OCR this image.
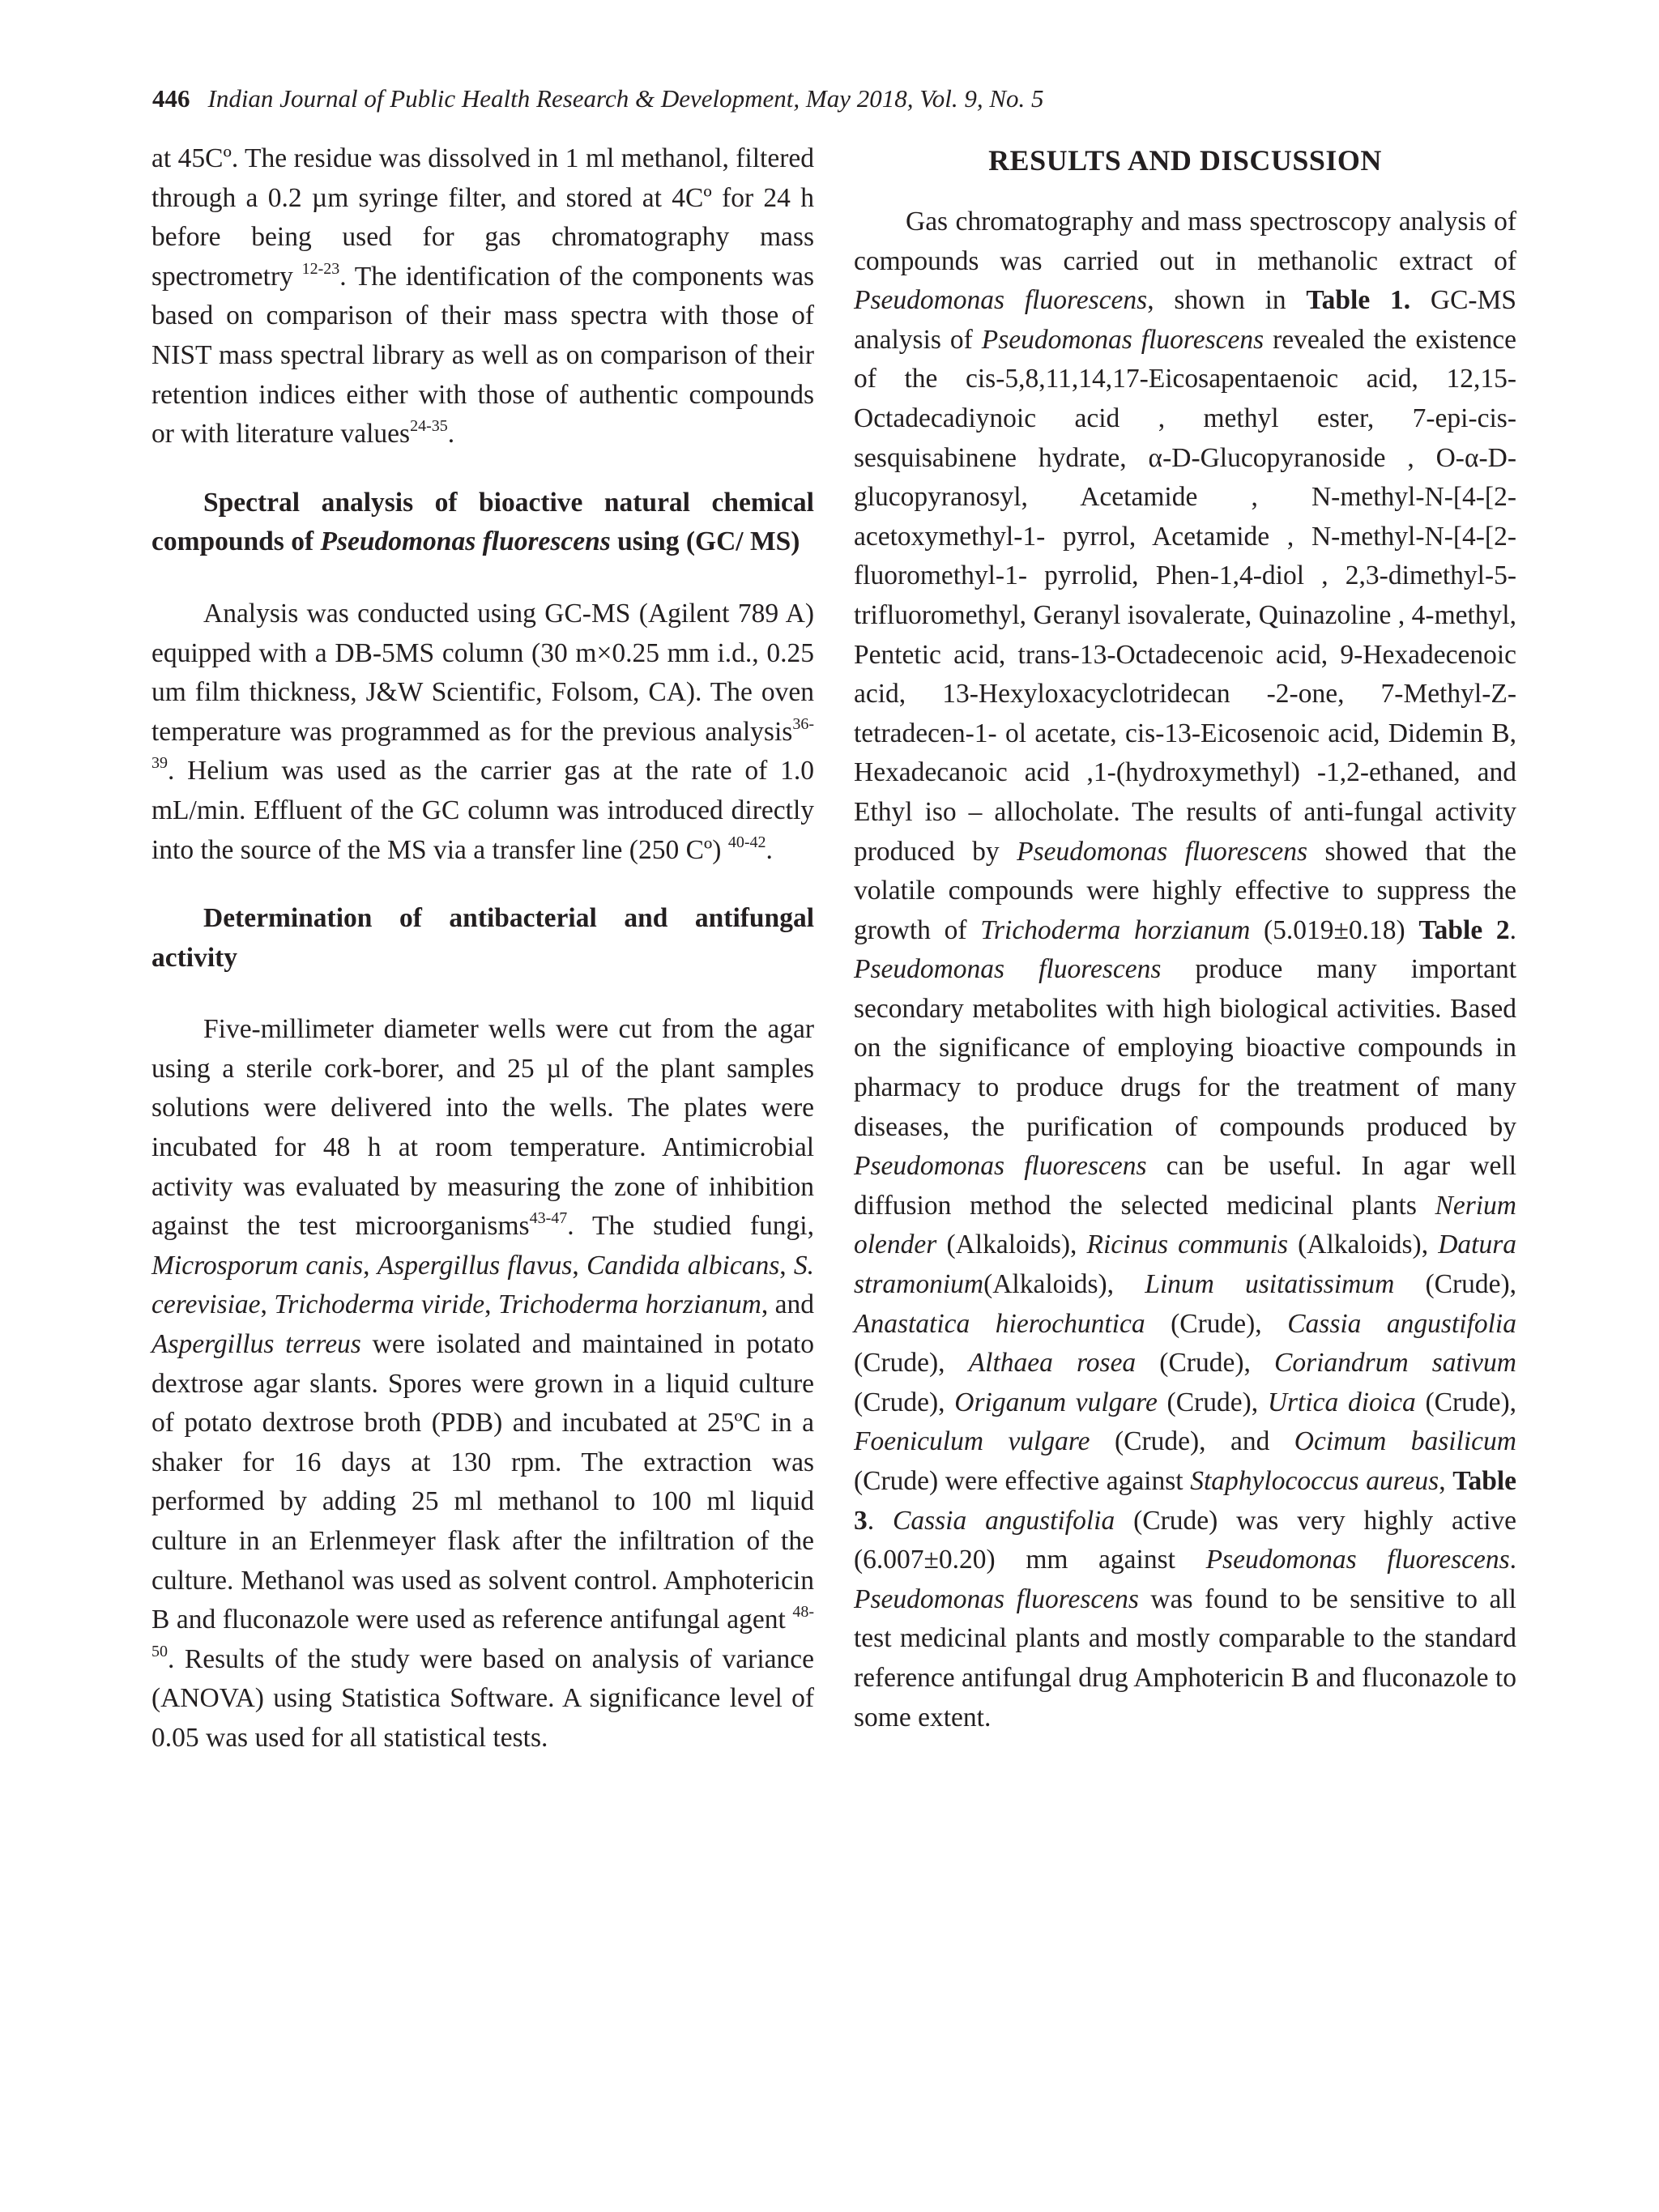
446 Indian Journal of Public Health Research & Development, May 2018, Vol. 9, No. 5

at 45Cº. The residue was dissolved in 1 ml methanol, filtered through a 0.2 µm syringe filter, and stored at 4Cº for 24 h before being used for gas chromatography mass spectrometry $^{12-23}$. The identification of the components was based on comparison of their mass spectra with those of NIST mass spectral library as well as on comparison of their retention indices either with those of authentic compounds or with literature values$^{24-35}$.

Spectral analysis of bioactive natural chemical compounds of Pseudomonas fluorescens using (GC/ MS)

Analysis was conducted using GC-MS (Agilent 789 A) equipped with a DB-5MS column (30 m×0.25 mm i.d., 0.25 um film thickness, J&W Scientific, Folsom, CA). The oven temperature was programmed as for the previous analysis$^{36-39}$. Helium was used as the carrier gas at the rate of 1.0 mL/min. Effluent of the GC column was introduced directly into the source of the MS via a transfer line (250 Cº) $^{40-42}$.

Determination of antibacterial and antifungal activity

Five-millimeter diameter wells were cut from the agar using a sterile cork-borer, and 25 µl of the plant samples solutions were delivered into the wells. The plates were incubated for 48 h at room temperature. Antimicrobial activity was evaluated by measuring the zone of inhibition against the test microorganisms$^{43-47}$. The studied fungi, Microsporum canis, Aspergillus flavus, Candida albicans, S. cerevisiae, Trichoderma viride, Trichoderma horzianum, and Aspergillus terreus were isolated and maintained in potato dextrose agar slants. Spores were grown in a liquid culture of potato dextrose broth (PDB) and incubated at 25ºC in a shaker for 16 days at 130 rpm. The extraction was performed by adding 25 ml methanol to 100 ml liquid culture in an Erlenmeyer flask after the infiltration of the culture. Methanol was used as solvent control. Amphotericin B and fluconazole were used as reference antifungal agent $^{48-50}$. Results of the study were based on analysis of variance (ANOVA) using Statistica Software. A significance level of 0.05 was used for all statistical tests.

RESULTS AND DISCUSSION

Gas chromatography and mass spectroscopy analysis of compounds was carried out in methanolic extract of Pseudomonas fluorescens, shown in Table 1. GC-MS analysis of Pseudomonas fluorescens revealed the existence of the cis-5,8,11,14,17-Eicosapentaenoic acid, 12,15-Octadecadiynoic acid , methyl ester, 7-epi-cis-sesquisabinene hydrate, α-D-Glucopyranoside , O-α-D-glucopyranosyl, Acetamide , N-methyl-N-[4-[2-acetoxymethyl-1- pyrrol, Acetamide , N-methyl-N-[4-[2-fluoromethyl-1- pyrrolid, Phen-1,4-diol , 2,3-dimethyl-5-trifluoromethyl, Geranyl isovalerate, Quinazoline , 4-methyl, Pentetic acid, trans-13-Octadecenoic acid, 9-Hexadecenoic acid, 13-Hexyloxacyclotridecan -2-one, 7-Methyl-Z-tetradecen-1- ol acetate, cis-13-Eicosenoic acid, Didemin B, Hexadecanoic acid ,1-(hydroxymethyl) -1,2-ethaned, and Ethyl iso – allocholate. The results of anti-fungal activity produced by Pseudomonas fluorescens showed that the volatile compounds were highly effective to suppress the growth of Trichoderma horzianum (5.019±0.18) Table 2. Pseudomonas fluorescens produce many important secondary metabolites with high biological activities. Based on the significance of employing bioactive compounds in pharmacy to produce drugs for the treatment of many diseases, the purification of compounds produced by Pseudomonas fluorescens can be useful. In agar well diffusion method the selected medicinal plants Nerium olender (Alkaloids), Ricinus communis (Alkaloids), Datura stramonium(Alkaloids), Linum usitatissimum (Crude), Anastatica hierochuntica (Crude), Cassia angustifolia (Crude), Althaea rosea (Crude), Coriandrum sativum (Crude), Origanum vulgare (Crude), Urtica dioica (Crude), Foeniculum vulgare (Crude), and Ocimum basilicum (Crude) were effective against Staphylococcus aureus, Table 3. Cassia angustifolia (Crude) was very highly active (6.007±0.20) mm against Pseudomonas fluorescens. Pseudomonas fluorescens was found to be sensitive to all test medicinal plants and mostly comparable to the standard reference antifungal drug Amphotericin B and fluconazole to some extent.
